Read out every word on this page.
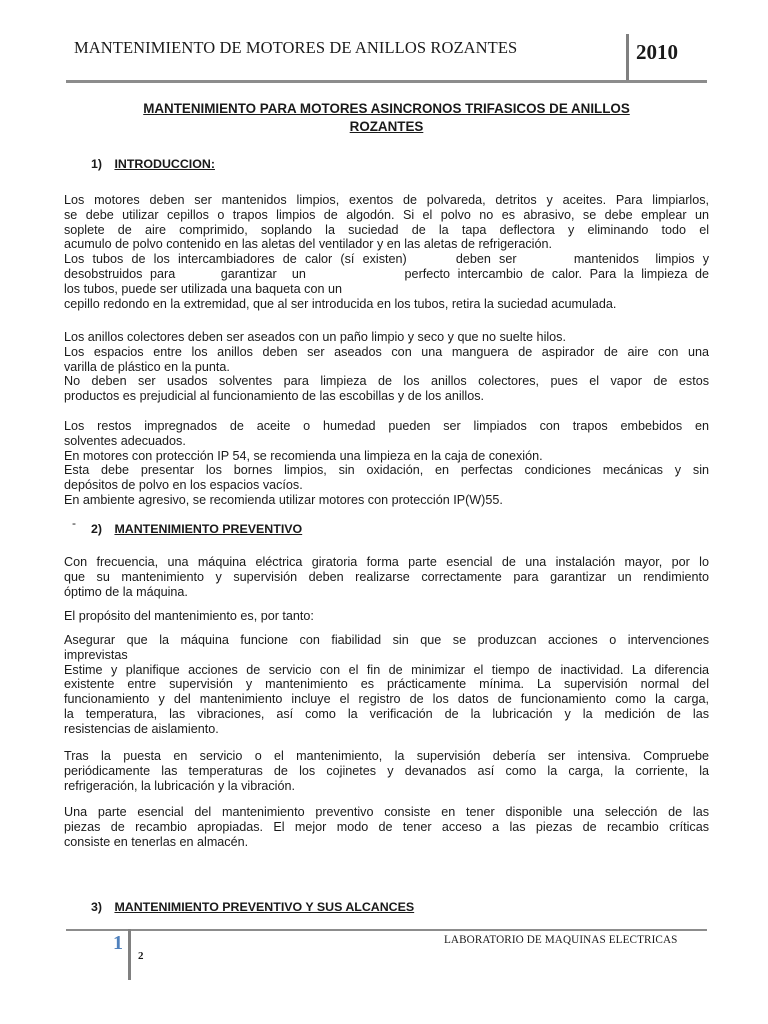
MANTENIMIENTO DE MOTORES DE ANILLOS ROZANTES	2010
MANTENIMIENTO PARA MOTORES ASINCRONOS TRIFASICOS DE ANILLOS
ROZANTES
1) INTRODUCCION:
Los motores deben ser mantenidos limpios, exentos de polvareda, detritos y aceites. Para limpiarlos,
se debe utilizar cepillos o trapos limpios de algodón. Si el polvo no es abrasivo, se debe emplear un
soplete de aire comprimido, soplando la suciedad de la tapa deflectora y eliminando todo el
acumulo de polvo contenido en las aletas del ventilador y en las aletas de refrigeración.
Los tubos de los intercambiadores de calor (sí existen)      deben ser       mantenidos  limpios y
desobstruidos para      garantizar  un             perfecto intercambio de calor. Para la limpieza de
los tubos, puede ser utilizada una baqueta con un
cepillo redondo en la extremidad, que al ser introducida en los tubos, retira la suciedad acumulada.
Los anillos colectores deben ser aseados con un paño limpio y seco y que no suelte hilos.
Los espacios entre los anillos deben ser aseados con una manguera de aspirador de aire con una
varilla de plástico en la punta.
No deben ser usados solventes para limpieza de los anillos colectores, pues el vapor de estos
productos es prejudicial al funcionamiento de las escobillas y de los anillos.
Los restos impregnados de aceite o humedad pueden ser limpiados con trapos embebidos en
solventes adecuados.
En motores con protección IP 54, se recomienda una limpieza en la caja de conexión.
Esta debe presentar los bornes limpios, sin oxidación, en perfectas condiciones mecánicas y sin
depósitos de polvo en los espacios vacíos.
En ambiente agresivo, se recomienda utilizar motores con protección IP(W)55.
- 2) MANTENIMIENTO PREVENTIVO
Con frecuencia, una máquina eléctrica giratoria forma parte esencial de una instalación mayor, por lo
que su mantenimiento y supervisión deben realizarse correctamente para garantizar un rendimiento
óptimo de la máquina.
El propósito del mantenimiento es, por tanto:
Asegurar que la máquina funcione con fiabilidad sin que se produzcan acciones o intervenciones
imprevistas
Estime y planifique acciones de servicio con el fin de minimizar el tiempo de inactividad. La diferencia
existente entre supervisión y mantenimiento es prácticamente mínima. La supervisión normal del
funcionamiento y del mantenimiento incluye el registro de los datos de funcionamiento como la carga,
la temperatura, las vibraciones, así como la verificación de la lubricación y la medición de las
resistencias de aislamiento.
Tras la puesta en servicio o el mantenimiento, la supervisión debería ser intensiva. Compruebe
periódicamente las temperaturas de los cojinetes y devanados así como la carga, la corriente, la
refrigeración, la lubricación y la vibración.
Una parte esencial del mantenimiento preventivo consiste en tener disponible una selección de las
piezas de recambio apropiadas. El mejor modo de tener acceso a las piezas de recambio críticas
consiste en tenerlas en almacén.
3) MANTENIMIENTO PREVENTIVO Y SUS ALCANCES
1
2
LABORATORIO DE MAQUINAS ELECTRICAS
